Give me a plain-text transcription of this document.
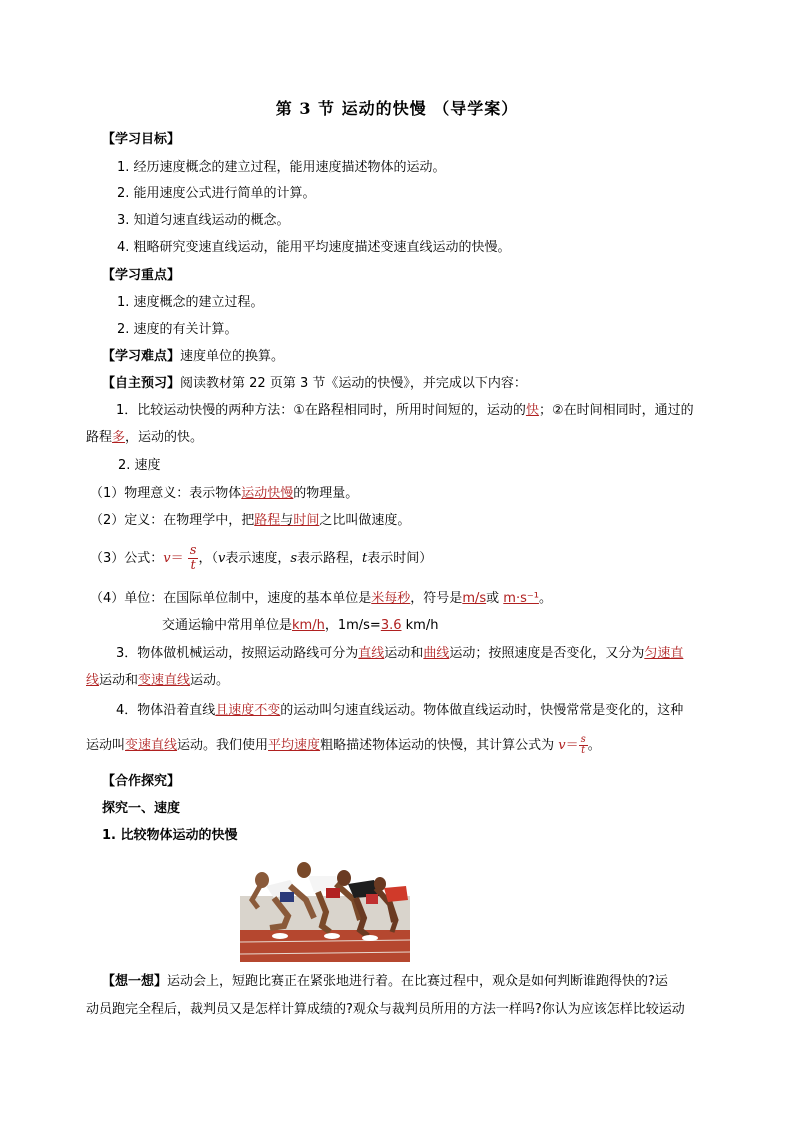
第 3 节 运动的快慢 （导学案）
【学习目标】
1. 经历速度概念的建立过程，能用速度描述物体的运动。
2. 能用速度公式进行简单的计算。
3. 知道匀速直线运动的概念。
4. 粗略研究变速直线运动，能用平均速度描述变速直线运动的快慢。
【学习重点】
1. 速度概念的建立过程。
2. 速度的有关计算。
【学习难点】速度单位的换算。
【自主预习】阅读教材第 22 页第 3 节《运动的快慢》，并完成以下内容：
1．比较运动快慢的两种方法：①在路程相同时，所用时间短的，运动的快；②在时间相同时，通过的
路程多，运动的快。
2. 速度
（1）物理意义：表示物体运动快慢的物理量。
（2）定义：在物理学中，把路程与时间之比叫做速度。
（3）公式：$v= \frac{s}{t}$ ，（v表示速度，s表示路程，t表示时间）
（4）单位：在国际单位制中，速度的基本单位是米每秒，符号是m/s或 m·s⁻¹。
交通运输中常用单位是km/h，1m/s=3.6 km/h
3．物体做机械运动，按照运动路线可分为直线运动和曲线运动；按照速度是否变化，又分为匀速直
线运动和变速直线运动。
4．物体沿着直线且速度不变的运动叫匀速直线运动。物体做直线运动时，快慢常常是变化的，这种
运动叫变速直线运动。我们使用平均速度粗略描述物体运动的快慢，其计算公式为 $v= \frac{s}{t}$ 。
【合作探究】
探究一、速度
1. 比较物体运动的快慢
【想一想】运动会上，短跑比赛正在紧张地进行着。在比赛过程中，观众是如何判断谁跑得快的?运
动员跑完全程后，裁判员又是怎样计算成绩的?观众与裁判员所用的方法一样吗?你认为应该怎样比较运动
